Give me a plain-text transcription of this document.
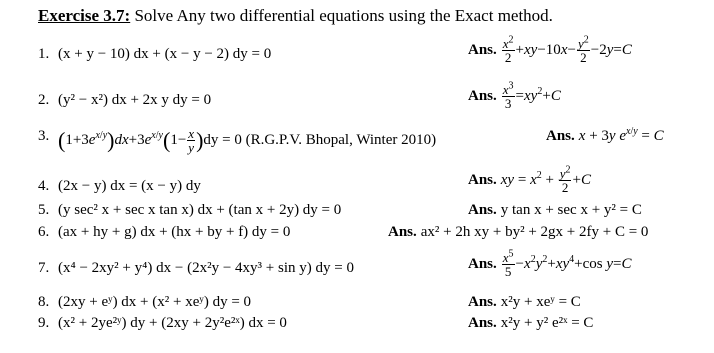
Exercise 3.7: Solve Any two differential equations using the Exact method.
1. (x + y − 10) dx + (x − y − 2) dy = 0	Ans. $\frac{x^2}{2} +xy-10x- \frac{y^2}{2} -2y=C$
2. (y² − x²) dx + 2x y dy = 0	Ans. $\frac{x^3}{3} =xy^2+C$
3. $(1+3e^{x/y})dx+3e^{x/y}(1- \frac{x}{y} )dy = 0$ (R.G.P.V. Bhopal, Winter 2010)	Ans. x + 3y $e^{x/y} = C$
4. (2x − y) dx = (x − y) dy	Ans. xy = $x^2 + \frac{y^2}{2} +C$
5. (y sec² x + sec x tan x) dx + (tan x + 2y) dy = 0	Ans. y tan x + sec x + y² = C
6. (ax + hy + g) dx + (hx + by + f) dy = 0	Ans. ax² + 2h xy + by² + 2gx + 2fy + C = 0
7. (x⁴ − 2xy² + y⁴) dx − (2x²y − 4xy³ + sin y) dy = 0	Ans. $\frac{x^5}{5} -x^2y^2+xy^4+\cos$ y=C
8. (2xy + eʸ) dx + (x² + xeʸ) dy = 0	Ans. x²y + xeʸ = C
9. (x² + 2ye²ʸ) dy + (2xy + 2y²e²ˣ) dx = 0	Ans. x²y + y² e²ˣ = C
